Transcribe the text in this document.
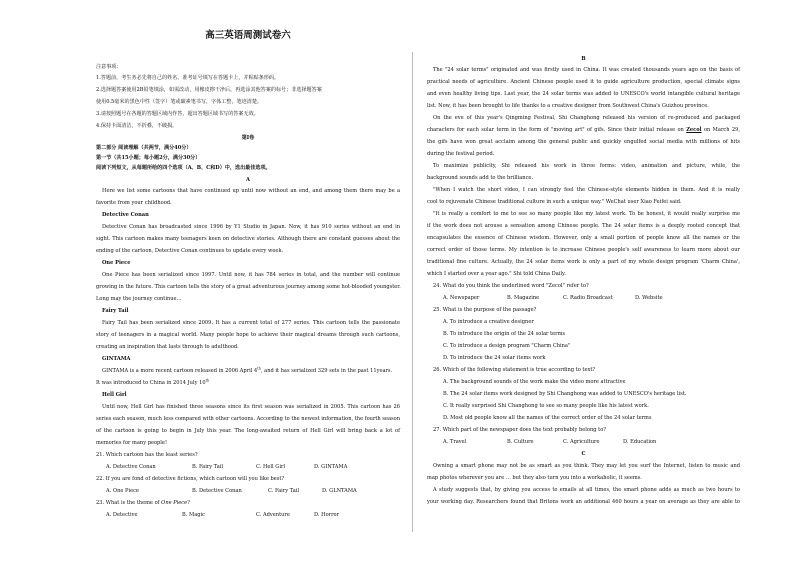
高三英语周测试卷六
注意事项：
1.答题前，考生务必先将自己的姓名、准考证号填写在答题卡上，并粘贴条形码。
2.选择题答案使用2B铅笔填涂，如需改动，用橡皮擦干净后，再选涂其他答案的标号；非选择题答案
使用0.5毫米的黑色中性（签字）笔或碳素笔书写，字体工整，笔迹清楚。
3.请按照题号在各题的答题区域内作答，超出答题区域书写的答案无效。
4.保持卡面清洁，不折叠，不破损。
第I卷
第二部分 阅读理解（共两节，满分40分）
第一节（共15小题；每小题2分，满分30分）
阅读下列短文，从每题所给的四个选项（A、B、C和D）中，选出最佳选项。
A
Here we list some cartoons that have continued up until now without an end, and among them there may be a
favorite from your childhood.
Detective Conan
Detective Conan has broadcasted since 1996 by Y1 Studio in Japan. Now, it has 910 series without an end in
sight. This cartoon makes many teenagers keen on detective stories. Although there are constant guesses about the
ending of the cartoon, Detective Conan continues to update every week.
One Piece
One Piece has been serialized since 1997. Until now, it has 784 series in total, and the number will continue
growing in the future. This cartoon tells the story of a great adventurous journey among some hot-blooded youngster.
Long may the journey continue…
Fairy Tail
Fairy Tail has been serialized since 2009. It has a current total of 277 series. This cartoon tells the passionate
story of teenagers in a magical world. Many people hope to achieve their magical dreams through such cartoons,
creating an inspiration that lasts through to adulthood.
GINTAMA
GINTAMA is a more recent cartoon released in 2006 April 4th, and it has serialized 329 sets in the past 11years.
It was introduced to China in 2014 July 10th
Hell Girl
Until now, Hell Girl has finished three seasons since its first season was serialized in 2005. This cartoon has 26
series each season, much less compared with other cartoons. According to the newest information, the fourth season
of the cartoon is going to begin in July this year. The long-awaited return of Hell Girl will bring back a lot of
memories for many people!
21. Which cartoon has the least series?
A. Detective Conan	B. Fairy Tail	C. Hell Girl	D. GINTAMA
22. If you are fond of detective fictions, which cartoon will you like best?
A. One Piece	B. Detective Conan	C. Fairy Tail	D. GLNTAMA
23. What is the theme of One Piece?
A. Detective	B. Magic	C. Adventure	D. Horror
B
The "24 solar terms" originated and was firstly used in China. It was created thousands years ago on the basis of
practical needs of agriculture. Ancient Chinese people used it to guide agriculture production, special climate signs
and even healthy living tips. Last year, the 24 solar terms was added to UNESCO's world intangible cultural heritage
list. Now, it has been brought to life thanks to a creative designer from Southwest China's Guizhou province.
On the eve of this year's Qingming Festival, Shi Changhong released his version of re-produced and packaged
characters for each solar term in the form of "moving art" of gifs. Since their initial release on Zecol on March 29,
the gifs have won great acclaim among the general public and quickly engulfed social media with millions of hits
during the festival period.
To maximize publicity, Shi released his work in three forms: video, animation and picture, while, the
background sounds add to the brilliance.
"When I watch the short video, I can strongly feel the Chinese-style elements hidden in them. And it is really
cool to rejuvenate Chinese traditional culture in such a unique way." WeChat user Xiao Feifei said.
"It is really a comfort to me to see so many people like my latest work. To be honest, it would really surprise me
if the work does not arouse a sensation among Chinese people. The 24 solar items is a deeply rooted concept that
encapsulates the essence of Chinese wisdom. However, only a small portion of people know all the names or the
correct order of those terms. My intention is to increase Chinese people's self awareness to learn more about our
traditional fine culture. Actually, the 24 solar items work is only a part of my whole design program 'Charm China',
which I started over a year ago." Shi told China Daily.
24. What do you think the underlined word "Zecol" refer to?
A. Newspaper	B. Magazine	C. Radio Broadcast	D. Website
25. What is the purpose of the passage?
A. To introduce a creative designer
B. To introduce the origin of the 24 solar terms
C. To introduce a design program "Charm China"
D. To introduce the 24 solar items work
26. Which of the following statement is true according to text?
A. The background sounds of the work make the video more attractive
B. The 24 solar items work designed by Shi Changhong was added to UNESCO's heritage list.
C. It really surprised Shi Changhong to see so many people like his latest work.
D. Most old people know all the names of the correct order of the 24 solar terms
27. Which part of the newspaper does the text probably belong to?
A. Travel	B. Culture	C. Agriculture	D. Education
C
Owning a smart phone may not be as smart as you think. They may let you surf the Internet, listen to music and
map photos wherever you are … but they also turn you into a workaholic, it seems.
A study suggests that, by giving you access to emails at all times, the smart phone adds as much as two hours to
your working day. Researchers found that Britons work an additional 460 hours a year on average as they are able to
